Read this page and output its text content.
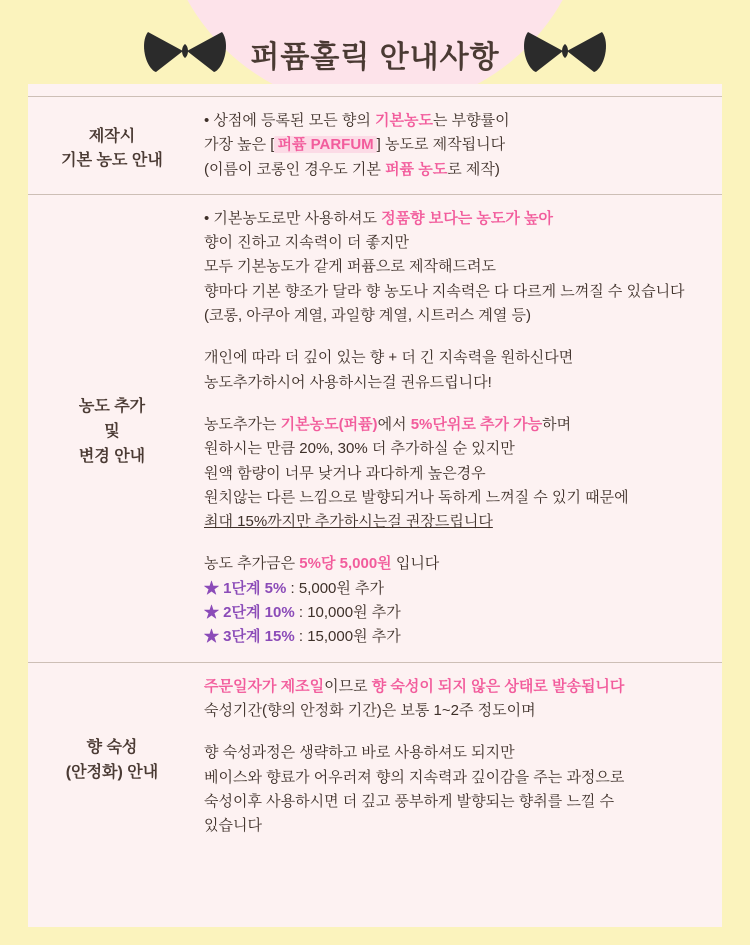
퍼퓸홀릭 안내사항
제작시
기본 농도 안내
• 상점에 등록된 모든 향의 기본농도는 부향률이
가장 높은 [ 퍼퓸 PARFUM ] 농도로 제작됩니다
(이름이 코롱인 경우도 기본 퍼퓸 농도로 제작)
농도 추가
및
변경 안내
• 기본농도로만 사용하셔도 정품향 보다는 농도가 높아
향이 진하고 지속력이 더 좋지만
모두 기본농도가 같게 퍼퓸으로 제작해드려도
향마다 기본 향조가 달라 향 농도나 지속력은 다 다르게 느껴질 수 있습니다
(코롱, 아쿠아 계열, 과일향 계열, 시트러스 계열 등)
개인에 따라 더 깊이 있는 향 + 더 긴 지속력을 원하신다면
농도추가하시어 사용하시는걸 권유드립니다!
농도추가는 기본농도(퍼퓸)에서 5%단위로 추가 가능하며
원하시는 만큼 20%, 30% 더 추가하실 순 있지만
원액 함량이 너무 낮거나 과다하게 높은경우
원치않는 다른 느낌으로 발향되거나 독하게 느껴질 수 있기 때문에
최대 15%까지만 추가하시는걸 권장드립니다
농도 추가금은 5%당 5,000원 입니다
★ 1단계 5% : 5,000원 추가
★ 2단계 10% : 10,000원 추가
★ 3단계 15% : 15,000원 추가
향 숙성
(안정화) 안내
주문일자가 제조일이므로 향 숙성이 되지 않은 상태로 발송됩니다
숙성기간(향의 안정화 기간)은 보통 1~2주 정도이며
향 숙성과정은 생략하고 바로 사용하셔도 되지만
베이스와 향료가 어우러져 향의 지속력과 깊이감을 주는 과정으로
숙성이후 사용하시면 더 깊고 풍부하게 발향되는 향취를 느낄 수
있습니다
